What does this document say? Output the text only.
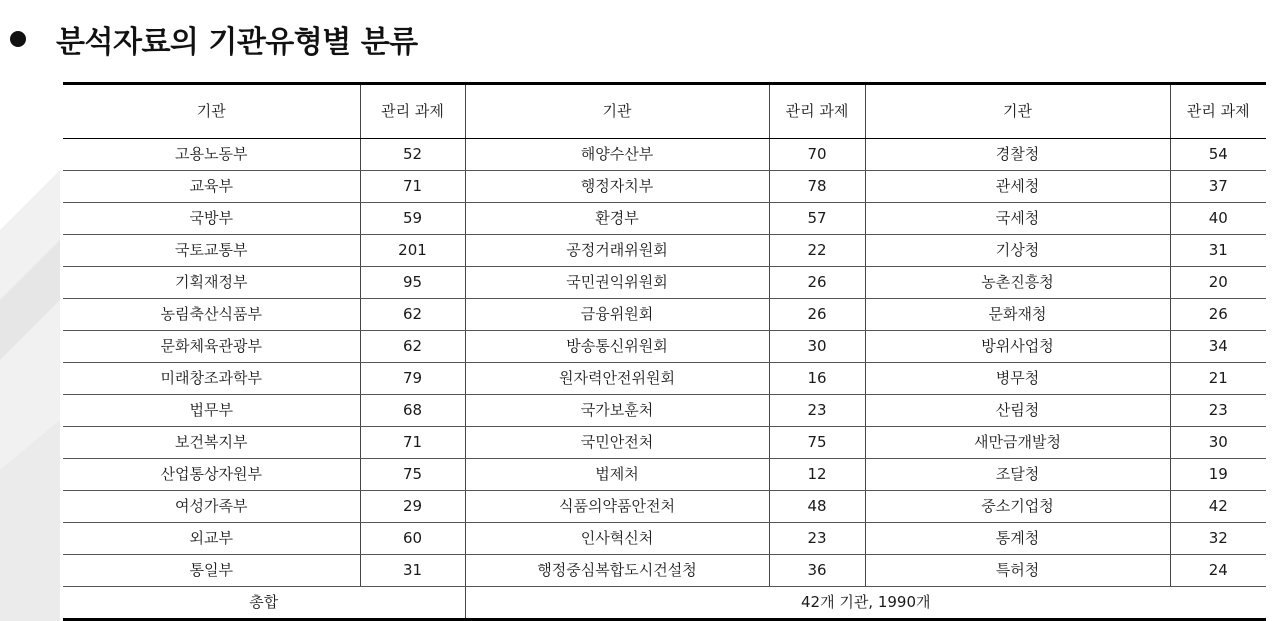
분석자료의 기관유형별 분류
기관	관리 과제	기관	관리 과제	기관	관리 과제
고용노동부	52	해양수산부	70	경찰청	54
교육부	71	행정자치부	78	관세청	37
국방부	59	환경부	57	국세청	40
국토교통부	201	공정거래위원회	22	기상청	31
기획재정부	95	국민권익위원회	26	농촌진흥청	20
농림축산식품부	62	금융위원회	26	문화재청	26
문화체육관광부	62	방송통신위원회	30	방위사업청	34
미래창조과학부	79	원자력안전위원회	16	병무청	21
법무부	68	국가보훈처	23	산림청	23
보건복지부	71	국민안전처	75	새만금개발청	30
산업통상자원부	75	법제처	12	조달청	19
여성가족부	29	식품의약품안전처	48	중소기업청	42
외교부	60	인사혁신처	23	통계청	32
통일부	31	행정중심복합도시건설청	36	특허청	24
총합		42개 기관, 1990개			
